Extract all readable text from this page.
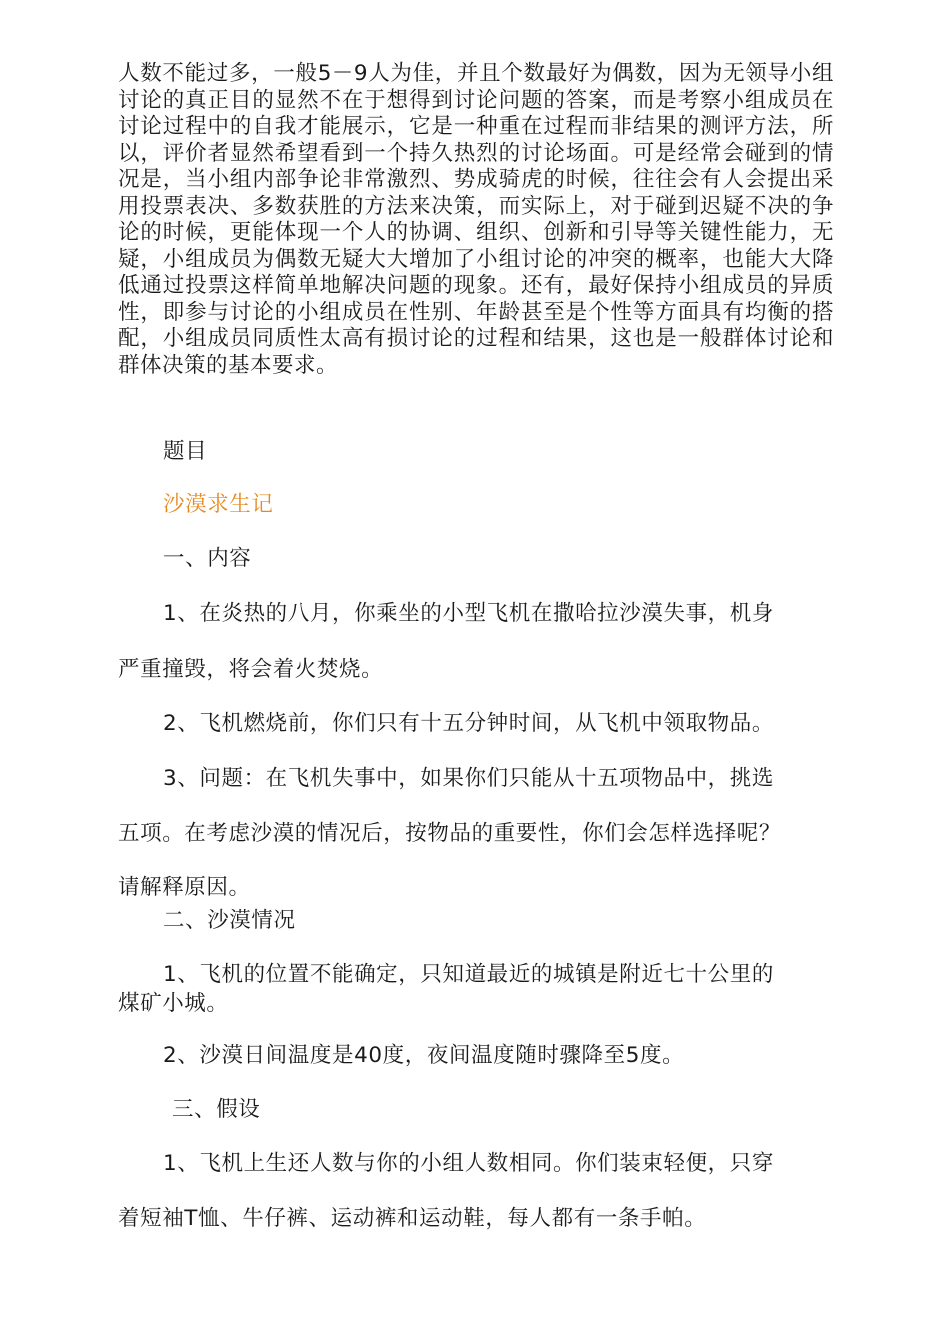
人数不能过多，一般5－9人为佳，并且个数最好为偶数，因为无领导小组讨论的真正目的显然不在于想得到讨论问题的答案，而是考察小组成员在讨论过程中的自我才能展示，它是一种重在过程而非结果的测评方法，所以，评价者显然希望看到一个持久热烈的讨论场面。可是经常会碰到的情况是，当小组内部争论非常激烈、势成骑虎的时候，往往会有人会提出采用投票表决、多数获胜的方法来决策，而实际上，对于碰到迟疑不决的争论的时候，更能体现一个人的协调、组织、创新和引导等关键性能力，无疑，小组成员为偶数无疑大大增加了小组讨论的冲突的概率，也能大大降低通过投票这样简单地解决问题的现象。还有，最好保持小组成员的异质性，即参与讨论的小组成员在性别、年龄甚至是个性等方面具有均衡的搭配，小组成员同质性太高有损讨论的过程和结果，这也是一般群体讨论和群体决策的基本要求。

题目

沙漠求生记

一、内容

1、在炎热的八月，你乘坐的小型飞机在撒哈拉沙漠失事，机身

严重撞毁，将会着火焚烧。

2、飞机燃烧前，你们只有十五分钟时间，从飞机中领取物品。

3、问题：在飞机失事中，如果你们只能从十五项物品中，挑选

五项。在考虑沙漠的情况后，按物品的重要性，你们会怎样选择呢？

请解释原因。

二、沙漠情况

1、飞机的位置不能确定，只知道最近的城镇是附近七十公里的

煤矿小城。

2、沙漠日间温度是40度，夜间温度随时骤降至5度。

三、假设

1、飞机上生还人数与你的小组人数相同。你们装束轻便，只穿

着短袖T恤、牛仔裤、运动裤和运动鞋，每人都有一条手帕。
